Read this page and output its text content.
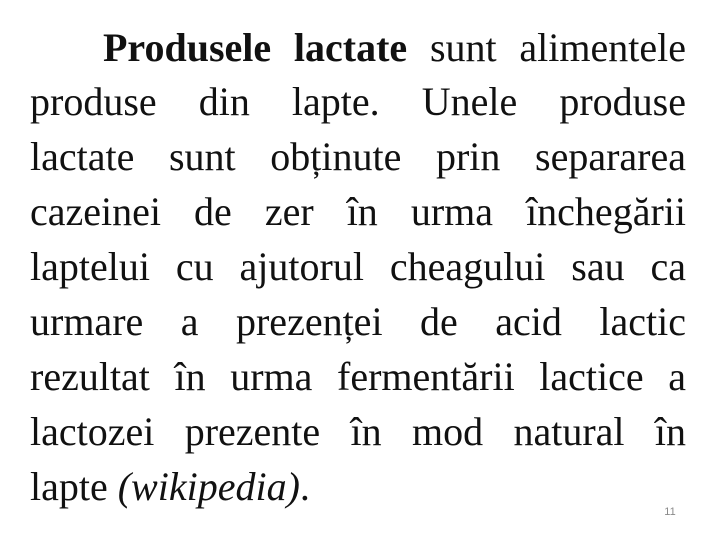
Produsele lactate sunt alimentele
produse din lapte. Unele produse
lactate sunt obținute prin separarea
cazeinei de zer în urma închegării
laptelui cu ajutorul cheagului sau ca
urmare a prezenței de acid lactic
rezultat în urma fermentării lactice a
lactozei prezente în mod natural în
lapte (wikipedia).
11
